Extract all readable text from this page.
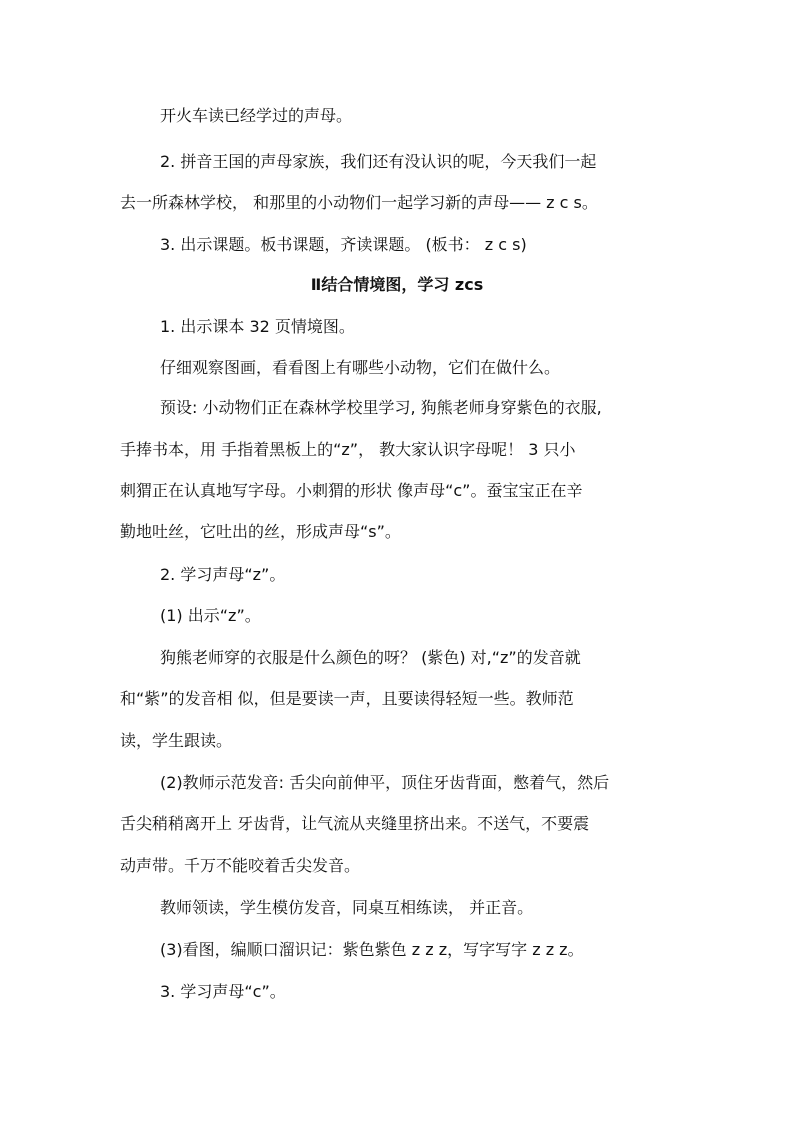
开火车读已经学过的声母。
2. 拼音王国的声母家族，我们还有没认识的呢，今天我们一起
去一所森林学校， 和那里的小动物们一起学习新的声母—— z c s。
3. 出示课题。板书课题，齐读课题。 (板书： z c s)
Ⅱ结合情境图，学习 zcs
1. 出示课本 32 页情境图。
仔细观察图画，看看图上有哪些小动物，它们在做什么。
预设: 小动物们正在森林学校里学习, 狗熊老师身穿紫色的衣服,
手捧书本，用 手指着黑板上的“z”， 教大家认识字母呢！ 3 只小
刺猬正在认真地写字母。小刺猬的形状 像声母“c”。蚕宝宝正在辛
勤地吐丝，它吐出的丝，形成声母“s”。
2. 学习声母“z”。
(1) 出示“z”。
狗熊老师穿的衣服是什么颜色的呀？ (紫色) 对,“z”的发音就
和“紫”的发音相 似，但是要读一声，且要读得轻短一些。教师范
读，学生跟读。
(2)教师示范发音: 舌尖向前伸平，顶住牙齿背面，憋着气，然后
舌尖稍稍离开上 牙齿背，让气流从夹缝里挤出来。不送气，不要震
动声带。千万不能咬着舌尖发音。
教师领读，学生模仿发音，同桌互相练读， 并正音。
(3)看图，编顺口溜识记：紫色紫色 z z z，写字写字 z z z。
3. 学习声母“c”。
